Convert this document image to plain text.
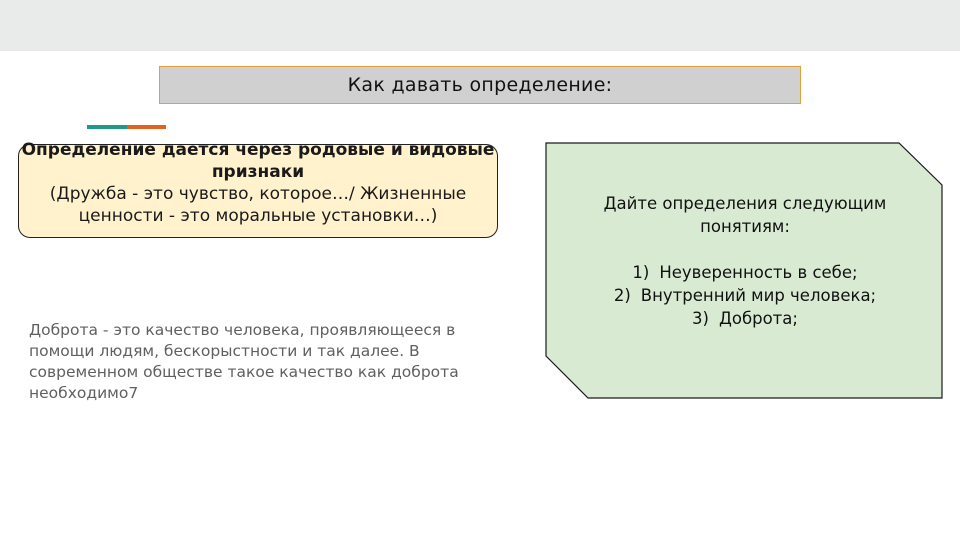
Как давать определение:
Определение дается через родовые и видовые признаки
(Дружба - это чувство, которое…/ Жизненные ценности - это моральные установки…)
Доброта - это качество человека, проявляющееся в помощи людям, бескорыстности и так далее. В современном обществе такое качество как доброта необходимо7
Дайте определения следующим понятиям:
1) Неуверенность в себе;
2) Внутренний мир человека;
3) Доброта;
